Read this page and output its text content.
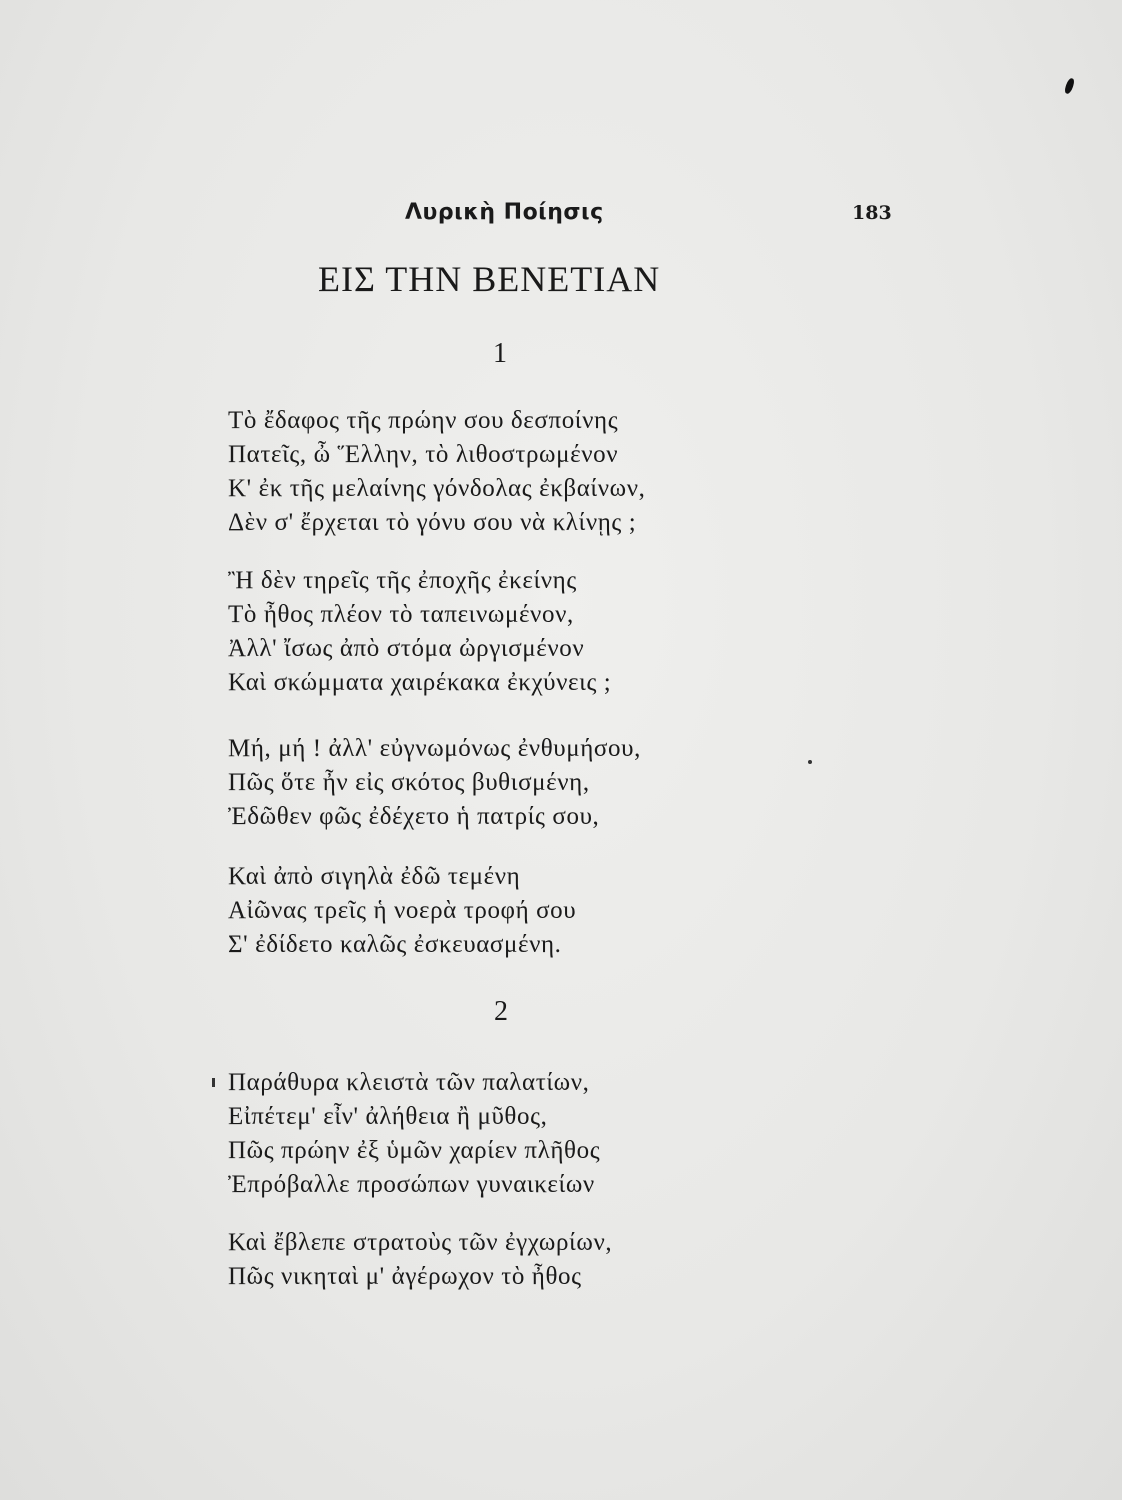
Λυρικὴ Ποίησις	183
ΕΙΣ ΤΗΝ ΒΕΝΕΤΙΑΝ
1
Τὸ ἔδαφος τῆς πρώην σου δεσποίνης
Πατεῖς, ὦ Ἕλλην, τὸ λιθοστρωμένον
Κ' ἐκ τῆς μελαίνης γόνδολας ἐκβαίνων,
Δὲν σ' ἔρχεται τὸ γόνυ σου νὰ κλίνῃς ;
Ἢ δὲν τηρεῖς τῆς ἐποχῆς ἐκείνης
Τὸ ἦθος πλέον τὸ ταπεινωμένον,
Ἀλλ' ἴσως ἀπὸ στόμα ὠργισμένον
Καὶ σκώμματα χαιρέκακα ἐκχύνεις ;
Μή, μή ! ἀλλ' εὐγνωμόνως ἐνθυμήσου,
Πῶς ὅτε ἦν εἰς σκότος βυθισμένη,
Ἐδῶθεν φῶς ἐδέχετο ἡ πατρίς σου,
Καὶ ἀπὸ σιγηλὰ ἐδῶ τεμένη
Αἰῶνας τρεῖς ἡ νοερὰ τροφή σου
Σ' ἐδίδετο καλῶς ἐσκευασμένη.
2
Παράθυρα κλειστὰ τῶν παλατίων,
Εἰπέτεμ' εἶν' ἀλήθεια ἢ μῦθος,
Πῶς πρώην ἐξ ὑμῶν χαρίεν πλῆθος
Ἐπρόβαλλε προσώπων γυναικείων
Καὶ ἔβλεπε στρατοὺς τῶν ἐγχωρίων,
Πῶς νικηταὶ μ' ἀγέρωχον τὸ ἦθος
